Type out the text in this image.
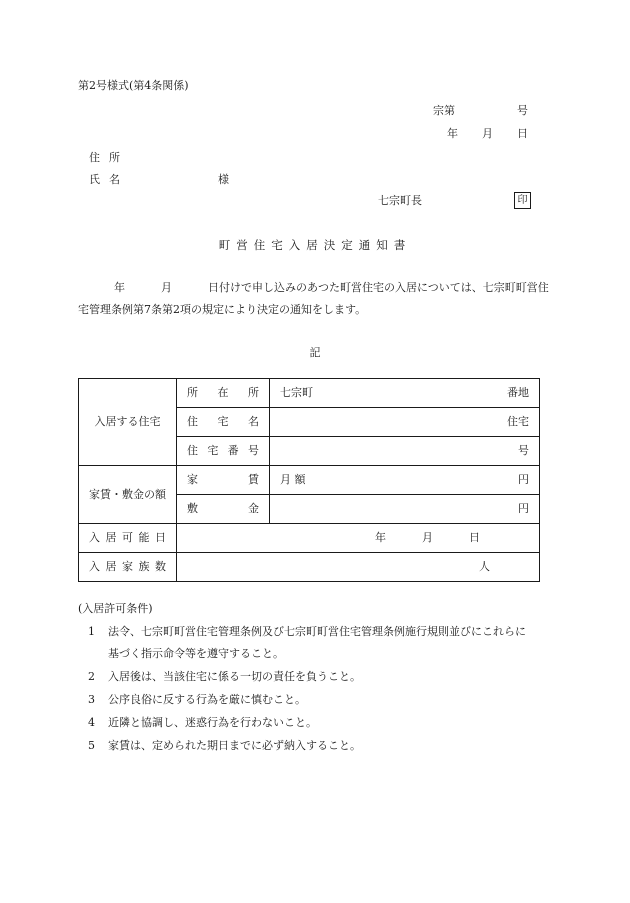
第2号様式(第4条関係)
宗第	号
年 月 日
住所
氏名	様
七宗町長	印
町営住宅入居決定通知書
年	月	日付けで申し込みのあつた町営住宅の入居については、七宗町町営住宅管理条例第7条第2項の規定により決定の通知をします。
記
入居する住宅	所在所	七宗町 番地

	住宅名	住宅
	住宅番号	号
家賃・敷金の額	家賃	月 額 円

	敷金	円
入居可能日	年 月 日	

入居家族数	人	
(入居許可条件)
1 法令、七宗町町営住宅管理条例及び七宗町町営住宅管理条例施行規則並びにこれらに
基づく指示命令等を遵守すること。
2 入居後は、当該住宅に係る一切の責任を負うこと。
3 公序良俗に反する行為を厳に慎むこと。
4 近隣と協調し、迷惑行為を行わないこと。
5 家賃は、定められた期日までに必ず納入すること。
